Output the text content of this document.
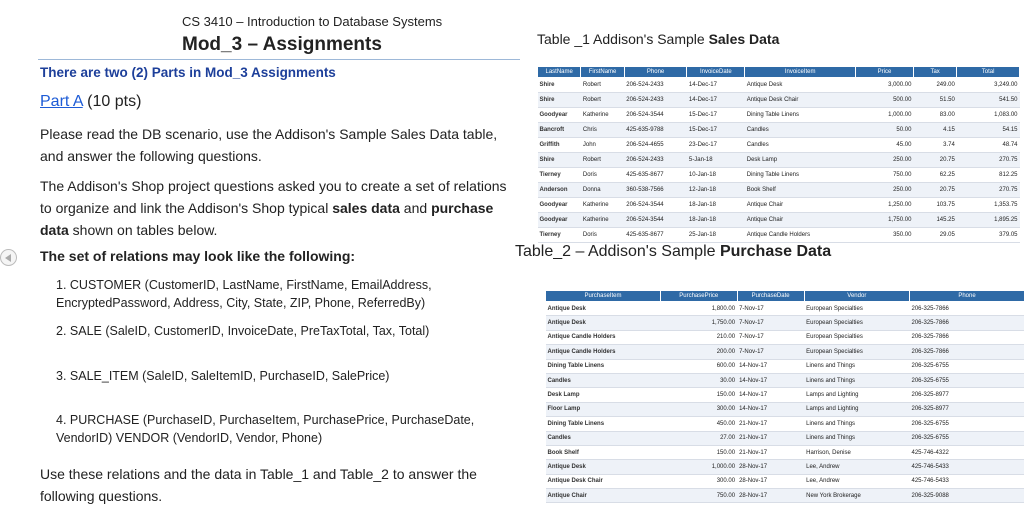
CS 3410 – Introduction to Database Systems
Mod_3 – Assignments
There are two (2) Parts in Mod_3 Assignments
Part A (10 pts)
Please read the DB scenario, use the Addison's Sample Sales Data table, and answer the following questions.
The Addison's Shop project questions asked you to create a set of relations to organize and link the Addison's Shop typical sales data and purchase data shown on tables below.
The set of relations may look like the following:
1. CUSTOMER (CustomerID, LastName, FirstName, EmailAddress, EncryptedPassword, Address, City, State, ZIP, Phone, ReferredBy)
2. SALE (SaleID, CustomerID, InvoiceDate, PreTaxTotal, Tax, Total)
3. SALE_ITEM (SaleID, SaleItemID, PurchaseID, SalePrice)
4. PURCHASE (PurchaseID, PurchaseItem, PurchasePrice, PurchaseDate, VendorID) VENDOR (VendorID, Vendor, Phone)
Use these relations and the data in Table_1 and Table_2 to answer the following questions.
Table _1 Addison's Sample Sales Data
LastName	FirstName	Phone	InvoiceDate	InvoiceItem	Price	Tax	Total
Shire	Robert	206-524-2433	14-Dec-17	Antique Desk	3,000.00	249.00	3,249.00
Shire	Robert	206-524-2433	14-Dec-17	Antique Desk Chair	500.00	51.50	541.50
Goodyear	Katherine	206-524-3544	15-Dec-17	Dining Table Linens	1,000.00	83.00	1,083.00
Bancroft	Chris	425-635-9788	15-Dec-17	Candles	50.00	4.15	54.15
Griffith	John	206-524-4655	23-Dec-17	Candles	45.00	3.74	48.74
Shire	Robert	206-524-2433	5-Jan-18	Desk Lamp	250.00	20.75	270.75
Tierney	Doris	425-635-8677	10-Jan-18	Dining Table Linens	750.00	62.25	812.25
Anderson	Donna	360-538-7566	12-Jan-18	Book Shelf	250.00	20.75	270.75
Goodyear	Katherine	206-524-3544	18-Jan-18	Antique Chair	1,250.00	103.75	1,353.75
Goodyear	Katherine	206-524-3544	18-Jan-18	Antique Chair	1,750.00	145.25	1,895.25
Tierney	Doris	425-635-8677	25-Jan-18	Antique Candle Holders	350.00	29.05	379.05
Table_2 – Addison's Sample Purchase Data
PurchaseItem	PurchasePrice	PurchaseDate	Vendor	Phone
Antique Desk	1,800.00	7-Nov-17	European Specialties	206-325-7866
Antique Desk	1,750.00	7-Nov-17	European Specialties	206-325-7866
Antique Candle Holders	210.00	7-Nov-17	European Specialties	206-325-7866
Antique Candle Holders	200.00	7-Nov-17	European Specialties	206-325-7866
Dining Table Linens	600.00	14-Nov-17	Linens and Things	206-325-6755
Candles	30.00	14-Nov-17	Linens and Things	206-325-6755
Desk Lamp	150.00	14-Nov-17	Lamps and Lighting	206-325-8977
Floor Lamp	300.00	14-Nov-17	Lamps and Lighting	206-325-8977
Dining Table Linens	450.00	21-Nov-17	Linens and Things	206-325-6755
Candles	27.00	21-Nov-17	Linens and Things	206-325-6755
Book Shelf	150.00	21-Nov-17	Harrison, Denise	425-746-4322
Antique Desk	1,000.00	28-Nov-17	Lee, Andrew	425-746-5433
Antique Desk Chair	300.00	28-Nov-17	Lee, Andrew	425-746-5433
Antique Chair	750.00	28-Nov-17	New York Brokerage	206-325-9088
